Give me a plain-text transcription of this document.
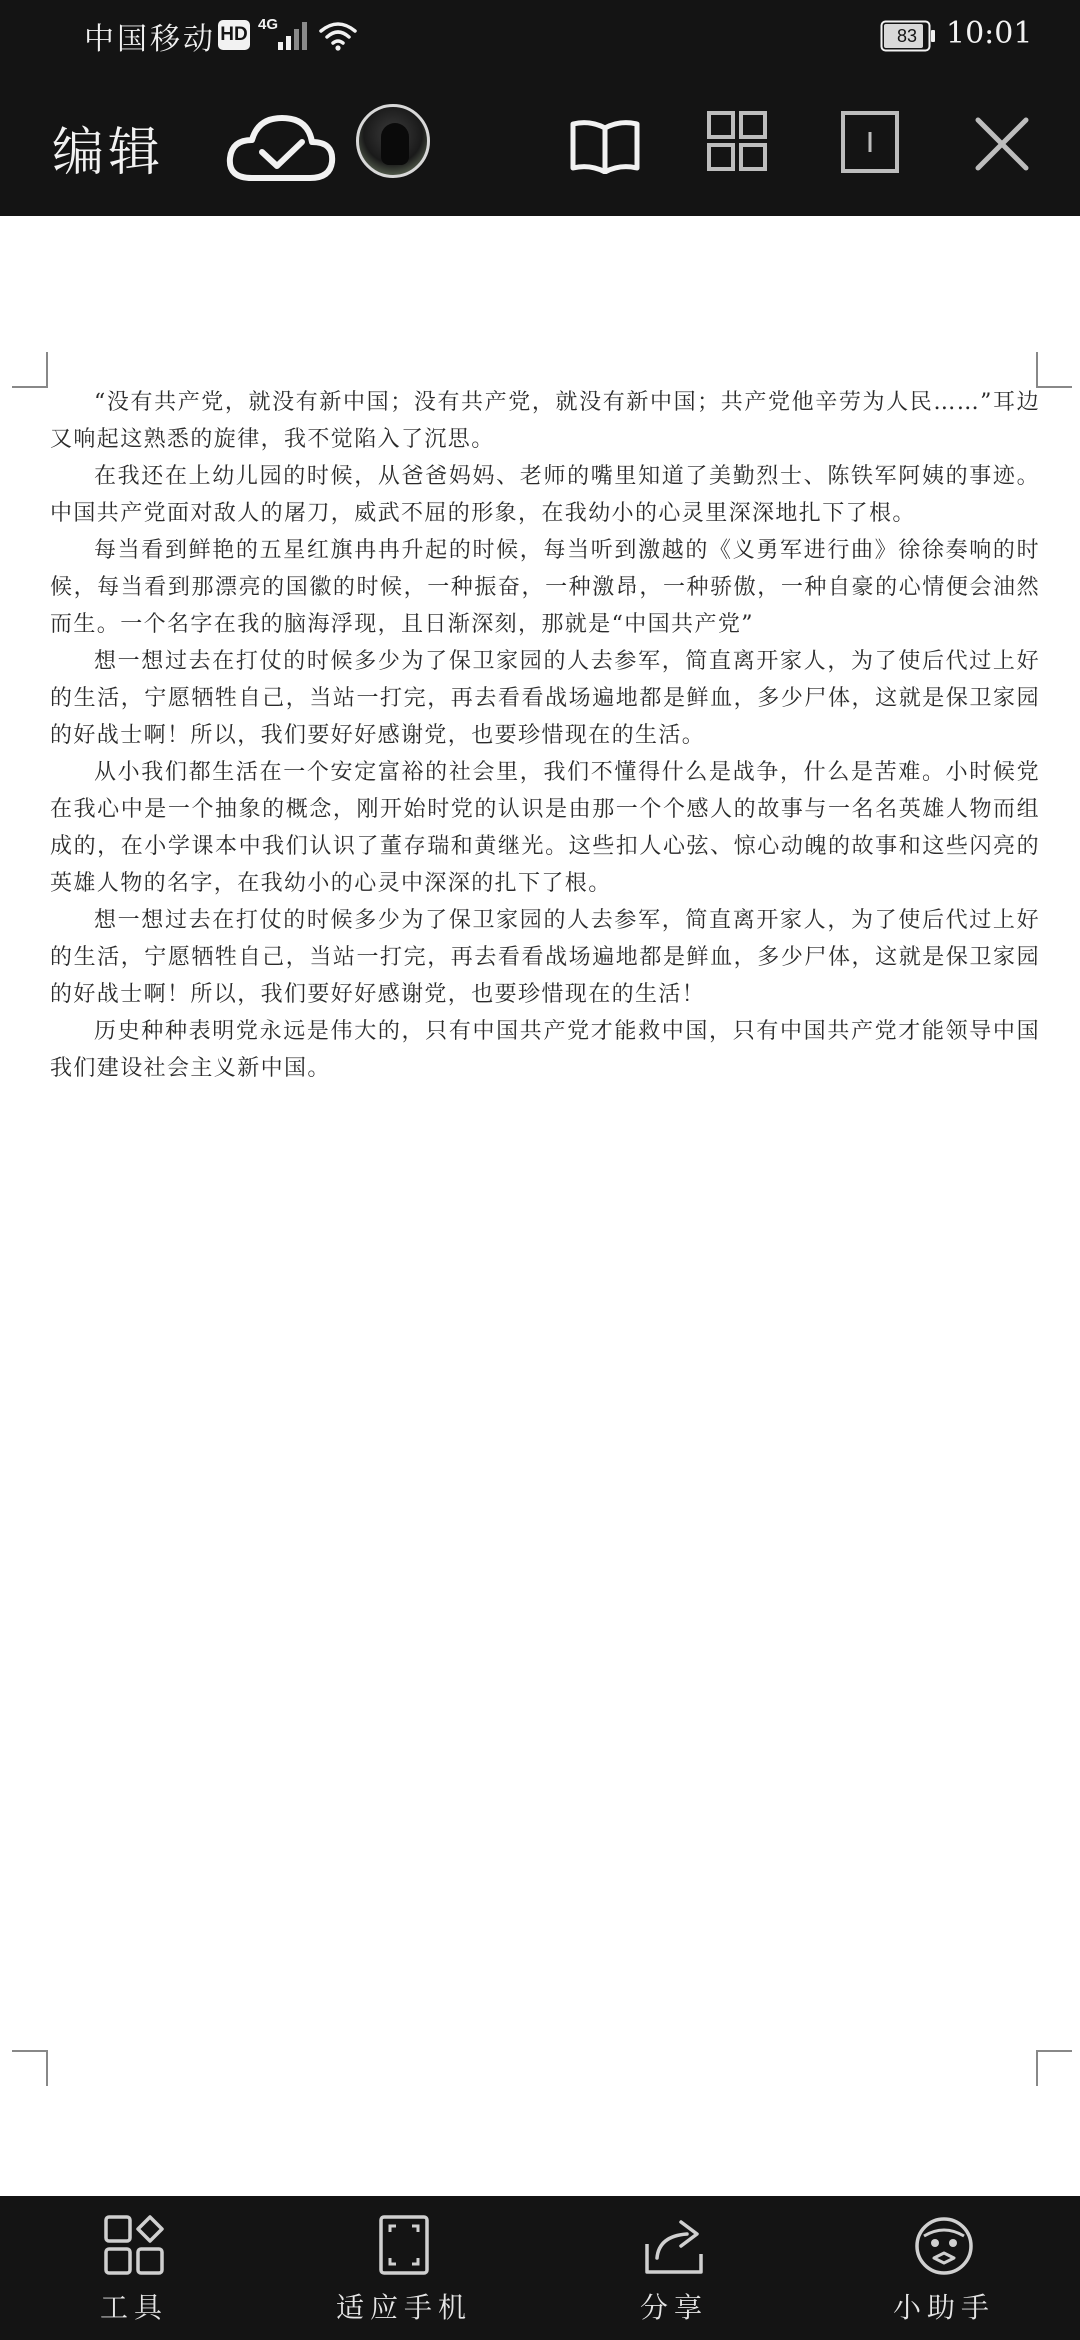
中国移动 HD 4G
83 10:01
编辑

“没有共产党，就没有新中国；没有共产党，就没有新中国；共产党他辛劳为人民……”耳边又响起这熟悉的旋律，我不觉陷入了沉思。

在我还在上幼儿园的时候，从爸爸妈妈、老师的嘴里知道了美勤烈士、陈铁军阿姨的事迹。中国共产党面对敌人的屠刀，威武不屈的形象，在我幼小的心灵里深深地扎下了根。

每当看到鲜艳的五星红旗冉冉升起的时候，每当听到激越的《义勇军进行曲》徐徐奏响的时候，每当看到那漂亮的国徽的时候，一种振奋，一种激昂，一种骄傲，一种自豪的心情便会油然而生。一个名字在我的脑海浮现，且日渐深刻，那就是“中国共产党”

想一想过去在打仗的时候多少为了保卫家园的人去参军，简直离开家人，为了使后代过上好的生活，宁愿牺牲自己，当站一打完，再去看看战场遍地都是鲜血，多少尸体，这就是保卫家园的好战士啊！所以，我们要好好感谢党，也要珍惜现在的生活。

从小我们都生活在一个安定富裕的社会里，我们不懂得什么是战争，什么是苦难。小时候党在我心中是一个抽象的概念，刚开始时党的认识是由那一个个感人的故事与一名名英雄人物而组成的，在小学课本中我们认识了董存瑞和黄继光。这些扣人心弦、惊心动魄的故事和这些闪亮的英雄人物的名字，在我幼小的心灵中深深的扎下了根。

想一想过去在打仗的时候多少为了保卫家园的人去参军，简直离开家人，为了使后代过上好的生活，宁愿牺牲自己，当站一打完，再去看看战场遍地都是鲜血，多少尸体，这就是保卫家园的好战士啊！所以，我们要好好感谢党，也要珍惜现在的生活！

历史种种表明党永远是伟大的，只有中国共产党才能救中国，只有中国共产党才能领导中国我们建设社会主义新中国。

工具	适应手机	分享	小助手
